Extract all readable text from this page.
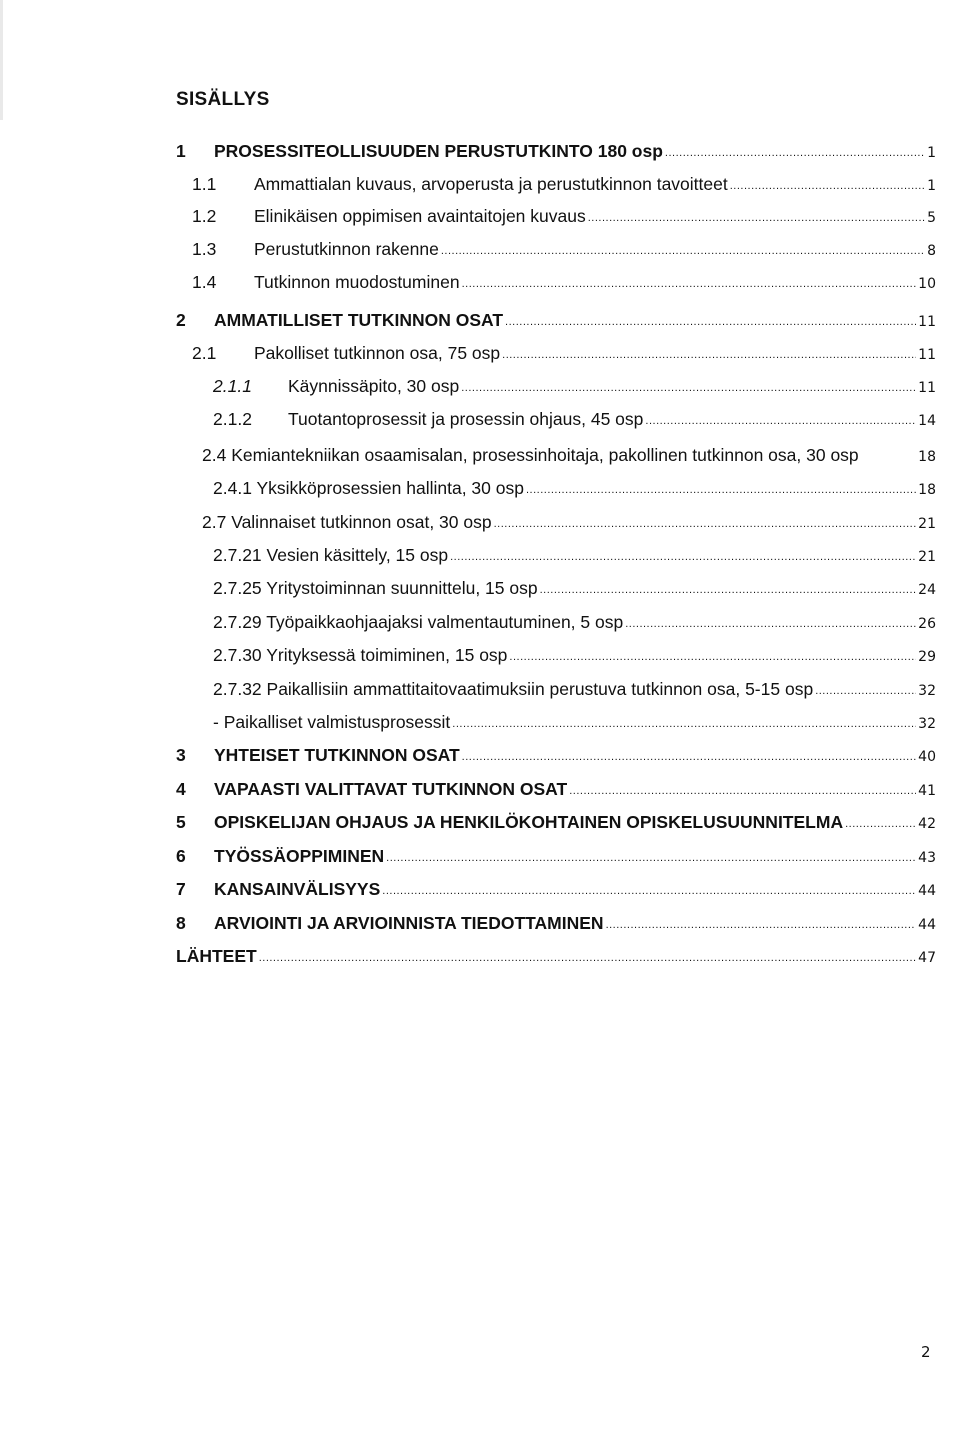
SISÄLLYS
1	PROSESSITEOLLISUUDEN PERUSTUTKINTO 180 osp .....	1
1.1	Ammattialan kuvaus, arvoperusta ja perustutkinnon tavoitteet .....	1
1.2	Elinikäisen oppimisen avaintaitojen kuvaus .....	5
1.3	Perustutkinnon rakenne .....	8
1.4	Tutkinnon muodostuminen .....	10
2	AMMATILLISET TUTKINNON OSAT .....	11
2.1	Pakolliset tutkinnon osa, 75 osp .....	11
2.1.1	Käynnissäpito, 30 osp .....	11
2.1.2	Tuotantoprosessit ja prosessin ohjaus, 45 osp .....	14
2.4 Kemiantekniikan osaamisalan, prosessinhoitaja, pakollinen tutkinnon osa, 30 osp	18
2.4.1 Yksikköprosessien hallinta, 30 osp .....	18
2.7 Valinnaiset tutkinnon osat, 30 osp .....	21
2.7.21 Vesien käsittely, 15 osp .....	21
2.7.25 Yritystoiminnan suunnittelu, 15 osp .....	24
2.7.29 Työpaikkaohjaajaksi valmentautuminen, 5 osp .....	26
2.7.30 Yrityksessä toimiminen, 15 osp .....	29
2.7.32 Paikallisiin ammattitaitovaatimuksiin perustuva tutkinnon osa, 5-15 osp .....	32
- Paikalliset valmistusprosessit .....	32
3	YHTEISET TUTKINNON OSAT .....	40
4	VAPAASTI VALITTAVAT TUTKINNON OSAT .....	41
5	OPISKELIJAN OHJAUS JA HENKILÖKOHTAINEN OPISKELUSUUNNITELMA .....	42
6	TYÖSSÄOPPIMINEN .....	43
7	KANSAINVÄLISYYS .....	44
8	ARVIOINTI JA ARVIOINNISTA TIEDOTTAMINEN .....	44
LÄHTEET .....	47
2
